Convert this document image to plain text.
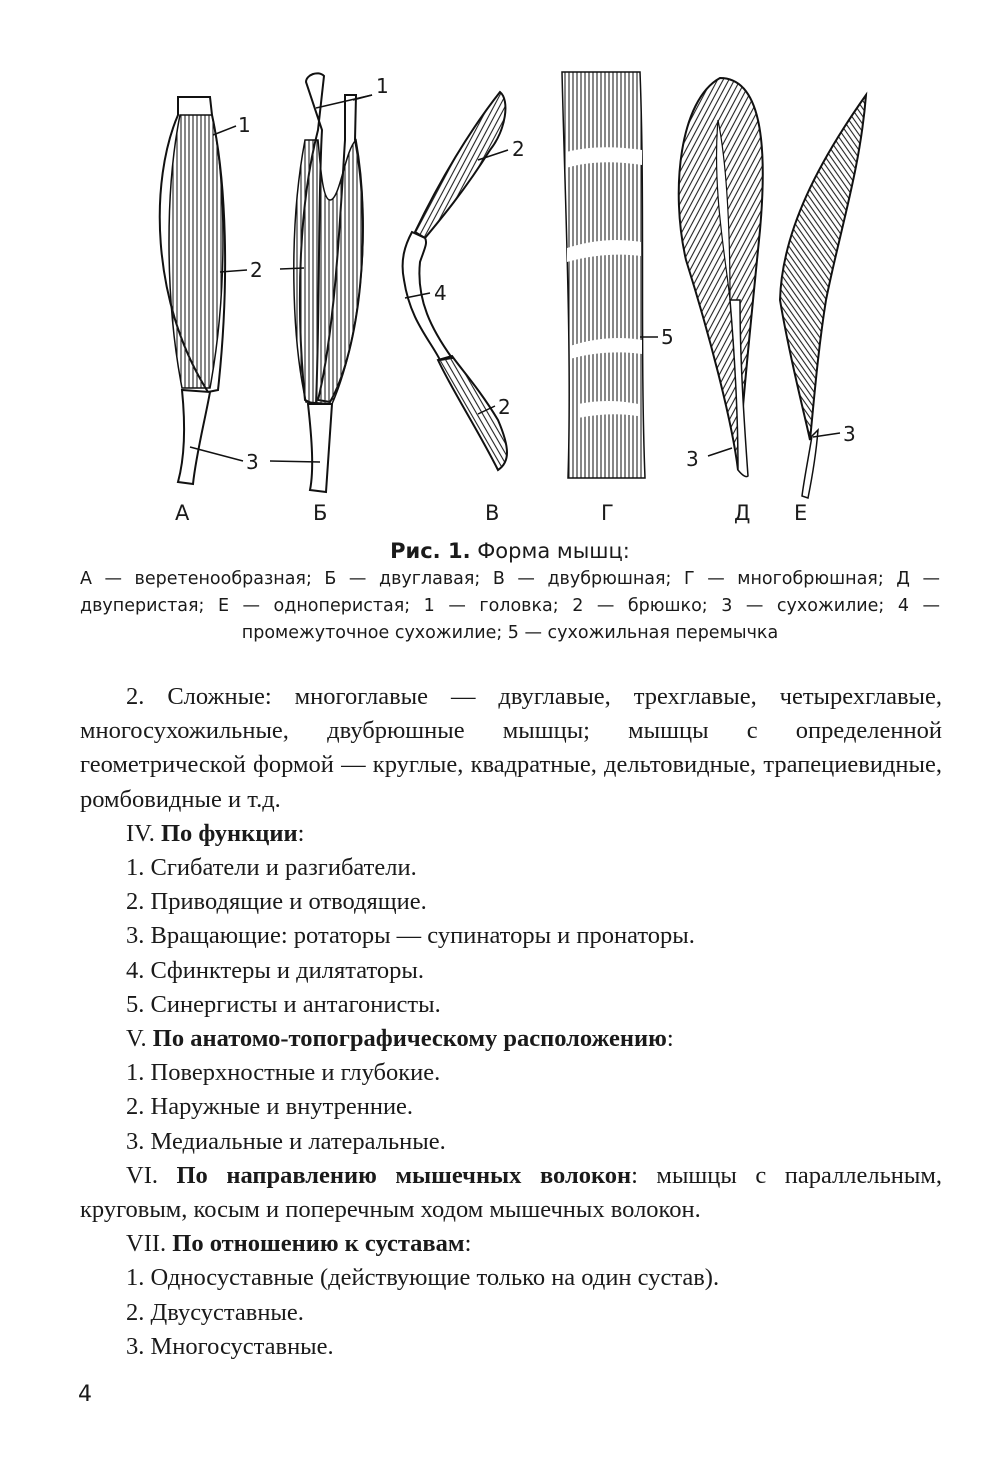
1
2
3
1
2
4
2
5
3
3
А	Б	В	Г	Д Е
Рис. 1. Форма мышц:
А — веретенообразная; Б — двуглавая; В — двубрюшная; Г — многобрюшная; Д — двуперистая; Е — одноперистая; 1 — головка; 2 — брюшко; 3 — сухожилие; 4 — промежуточное сухожилие; 5 — сухожильная перемычка

2. Сложные: многоглавые — двуглавые, трехглавые, четырехглавые, многосухожильные, двубрюшные мышцы; мышцы с определенной геометрической формой — круглые, квадратные, дельтовидные, трапециевидные, ромбовидные и т.д.

IV. По функции:

1. Сгибатели и разгибатели.

2. Приводящие и отводящие.

3. Вращающие: ротаторы — супинаторы и пронаторы.

4. Сфинктеры и дилятаторы.

5. Синергисты и антагонисты.

V. По анатомо-топографическому расположению:

1. Поверхностные и глубокие.

2. Наружные и внутренние.

3. Медиальные и латеральные.

VI. По направлению мышечных волокон: мышцы с параллельным, круговым, косым и поперечным ходом мышечных волокон.

VII. По отношению к суставам:

1. Односуставные (действующие только на один сустав).

2. Двусуставные.

3. Многосуставные.

4
